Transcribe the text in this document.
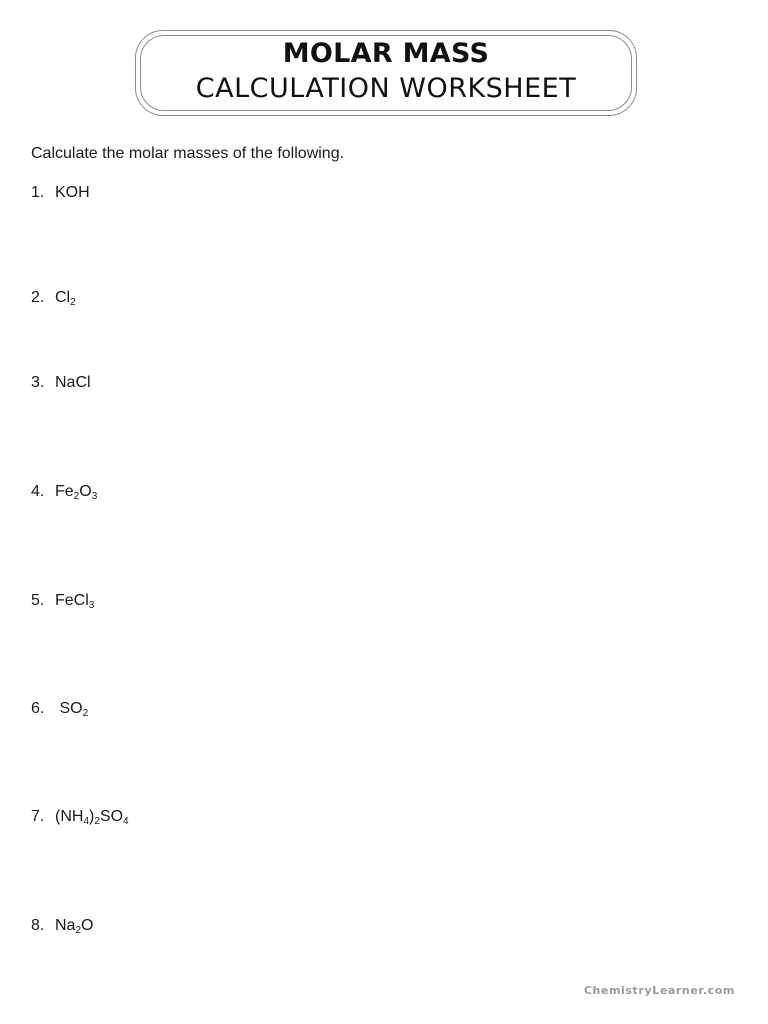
MOLAR MASS
CALCULATION WORKSHEET
Calculate the molar masses of the following.
1. KOH
2. $Cl_2$
3. NaCl
4. $Fe_2O_3$
5. FeCl$_3$
6. $SO_2$
7. $(NH_4)_2SO_4$
8. $Na_2O$
ChemistryLearner.com
